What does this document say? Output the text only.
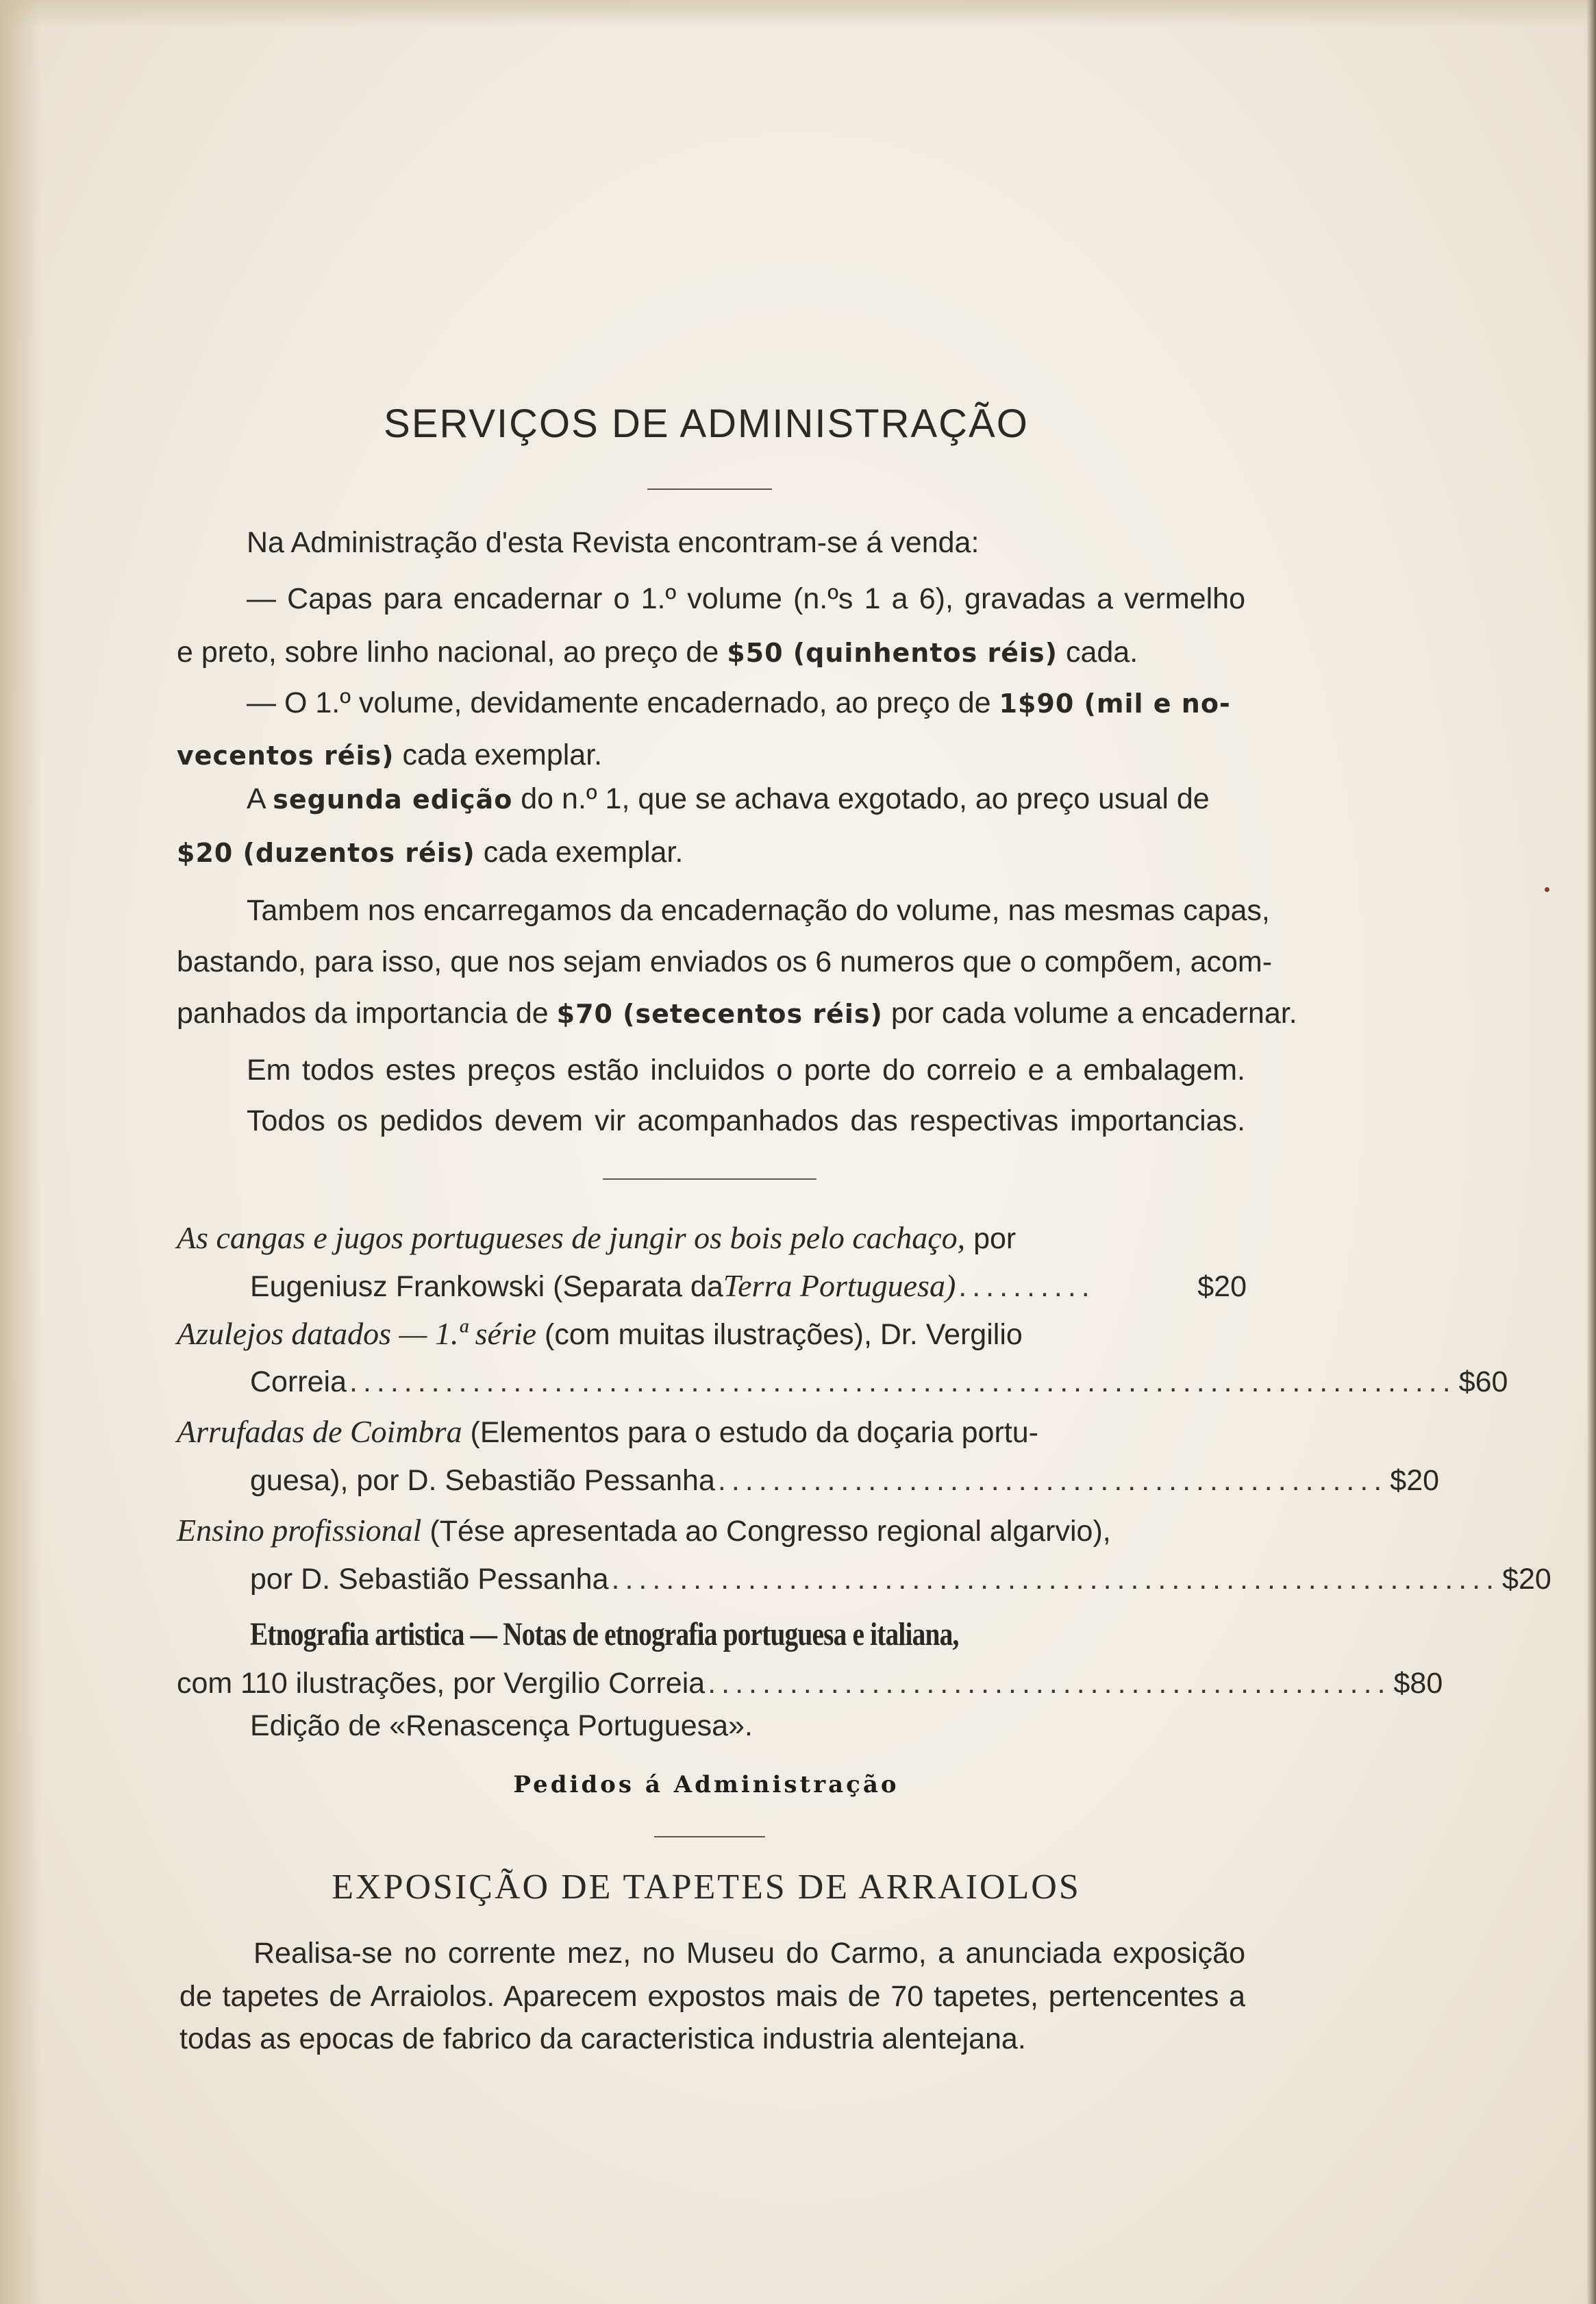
SERVIÇOS DE ADMINISTRAÇÃO

Na Administração d'esta Revista encontram-se á venda:

— Capas para encadernar o 1.º volume (n.ºs 1 a 6), gravadas a vermelho
e preto, sobre linho nacional, ao preço de $50 (quinhentos réis) cada.
— O 1.º volume, devidamente encadernado, ao preço de 1$90 (mil e no-
vecentos réis) cada exemplar.
A segunda edição do n.º 1, que se achava exgotado, ao preço usual de
$20 (duzentos réis) cada exemplar.
Tambem nos encarregamos da encadernação do volume, nas mesmas capas,
bastando, para isso, que nos sejam enviados os 6 numeros que o compõem, acom-
panhados da importancia de $70 (setecentos réis) por cada volume a encadernar.
Em todos estes preços estão incluidos o porte do correio e a embalagem.
Todos os pedidos devem vir acompanhados das respectivas importancias.
As cangas e jugos portugueses de jungir os bois pelo cachaço, por
Eugeniusz Frankowski (Separata da Terra Portuguesa) ..........	$20
Azulejos datados — 1.ª série (com muitas ilustrações), Dr. Vergilio
Correia ................................................................................. $60
Arrufadas de Coimbra (Elementos para o estudo da doçaria portu-
guesa), por D. Sebastião Pessanha ................................................. $20
Ensino profissional (Tése apresentada ao Congresso regional algarvio),
por D. Sebastião Pessanha ................................................................. $20
Etnografia artistica — Notas de etnografia portuguesa e italiana,
com 110 ilustrações, por Vergilio Correia .................................................. $80
Edição de «Renascença Portuguesa».
Pedidos á Administração
EXPOSIÇÃO DE TAPETES DE ARRAIOLOS
Realisa-se no corrente mez, no Museu do Carmo, a anunciada exposição
de tapetes de Arraiolos. Aparecem expostos mais de 70 tapetes, pertencentes a
todas as epocas de fabrico da caracteristica industria alentejana.
